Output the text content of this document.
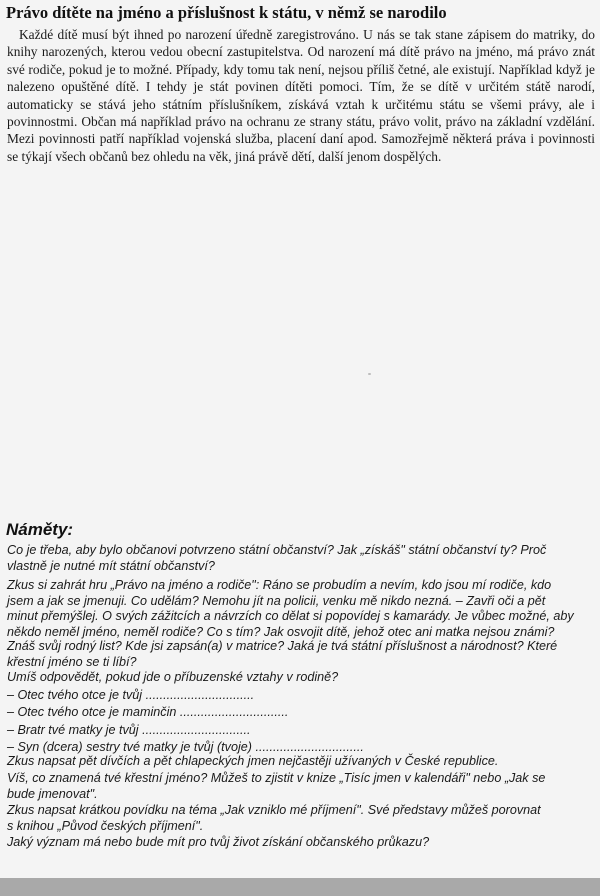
Právo dítěte na jméno a příslušnost k státu, v němž se narodilo

Každé dítě musí být ihned po narození úředně zaregistrováno. U nás se tak stane zápisem do matriky, do knihy narozených, kterou vedou obecní zastupitelstva. Od narození má dítě právo na jméno, má právo znát své rodiče, pokud je to možné. Případy, kdy tomu tak není, nejsou příliš četné, ale existují. Například když je nalezeno opuštěné dítě. I tehdy je stát povinen dítěti pomoci. Tím, že se dítě v určitém státě narodí, automaticky se stává jeho státním příslušníkem, získává vztah k určitému státu se všemi právy, ale i povinnostmi. Občan má například právo na ochranu ze strany státu, právo volit, právo na základní vzdělání. Mezi povinnosti patří například vojenská služba, placení daní apod. Samozřejmě některá práva i povinnosti se týkají všech občanů bez ohledu na věk, jiná právě dětí, další jenom dospělých.

Náměty:
Co je třeba, aby bylo občanovi potvrzeno státní občanství? Jak „získáš" státní občanství ty? Proč
vlastně je nutné mít státní občanství?
Zkus si zahrát hru „Právo na jméno a rodiče": Ráno se probudím a nevím, kdo jsou mí rodiče, kdo
jsem a jak se jmenuji. Co udělám? Nemohu jít na policii, venku mě nikdo nezná. – Zavři oči a pět
minut přemýšlej. O svých zážitcích a návrzích co dělat si popovídej s kamarády. Je vůbec možné, aby
někdo neměl jméno, neměl rodiče? Co s tím? Jak osvojit dítě, jehož otec ani matka nejsou známi?
Znáš svůj rodný list? Kde jsi zapsán(a) v matrice? Jaká je tvá státní příslušnost a národnost? Které
křestní jméno se ti líbí?
Umíš odpovědět, pokud jde o příbuzenské vztahy v rodině?
– Otec tvého otce je tvůj ...............................
– Otec tvého otce je maminčin ...............................
– Bratr tvé matky je tvůj ...............................
– Syn (dcera) sestry tvé matky je tvůj (tvoje) ...............................
Zkus napsat pět dívčích a pět chlapeckých jmen nejčastěji užívaných v České republice.
Víš, co znamená tvé křestní jméno? Můžeš to zjistit v knize „Tisíc jmen v kalendáři" nebo „Jak se
bude jmenovat".
Zkus napsat krátkou povídku na téma „Jak vzniklo mé příjmení". Své představy můžeš porovnat
s knihou „Původ českých příjmení".
Jaký význam má nebo bude mít pro tvůj život získání občanského průkazu?
